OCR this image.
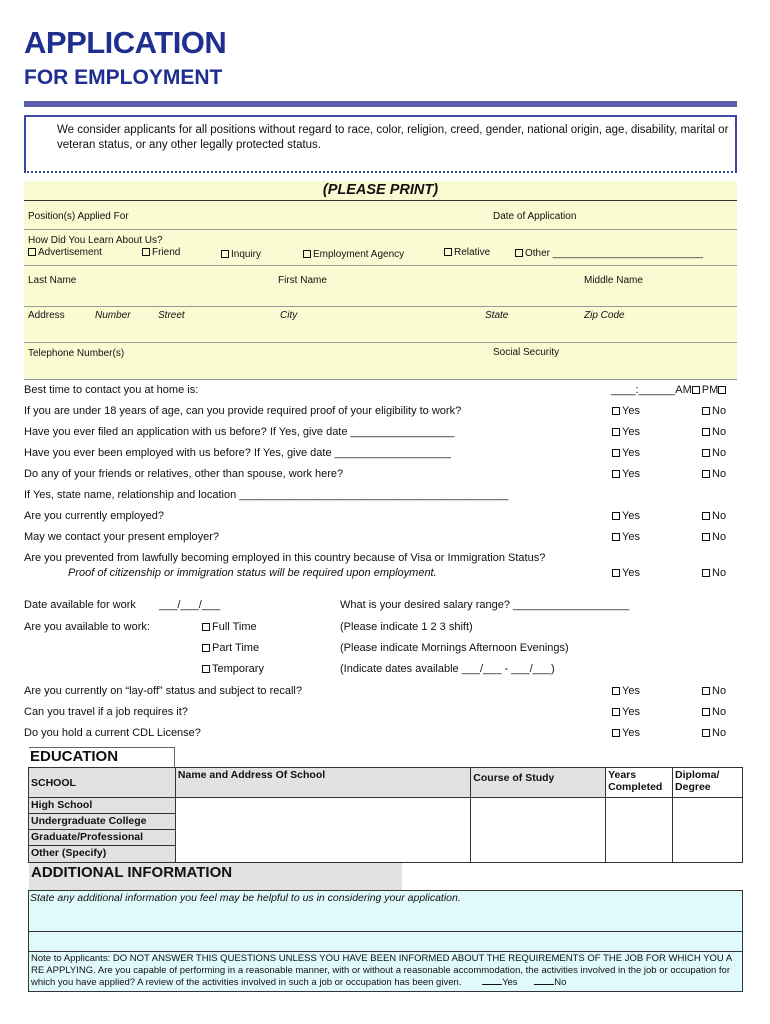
APPLICATION
FOR EMPLOYMENT
We consider applicants for all positions without regard to race, color, religion, creed, gender, national origin, age, disability, marital or veteran status, or any other legally protected status.
(PLEASE PRINT)
Position(s) Applied For	Date of Application
How Did You Learn About Us?
Advertisement	Friend	Inquiry	Employment Agency	Relative	Other ___________________________
Last Name	First Name	Middle Name
Address	Number	Street	City	State	Zip Code
Telephone Number(s)	Social Security
Best time to contact you at home is:	____:______AM PM
If you are under 18 years of age, can you provide required proof of your eligibility to work?	Yes	No
Have you ever filed an application with us before? If Yes, give date _________________	Yes	No
Have you ever been employed with us before? If Yes, give date ___________________	Yes	No
Do any of your friends or relatives, other than spouse, work here?	Yes	No
If Yes, state name, relationship and location ____________________________________________
Are you currently employed?	Yes	No
May we contact your present employer?	Yes	No
Are you prevented from lawfully becoming employed in this country because of Visa or Immigration Status?
Proof of citizenship or immigration status will be required upon employment.	Yes	No
Date available for work ___/___/___	What is your desired salary range? ___________________
Are you available to work:	Full Time	(Please indicate 1 2 3 shift)
Part Time	(Please indicate Mornings Afternoon Evenings)
Temporary	(Indicate dates available ___/___ - ___/___)
Are you currently on “lay-off” status and subject to recall?	Yes	No
Can you travel if a job requires it?	Yes	No
Do you hold a current CDL License?	Yes	No
EDUCATION
SCHOOL	Name and Address Of School	Course of Study	Years Completed	Diploma/ Degree
High School				
Undergraduate College				
Graduate/Professional				
Other (Specify)				
ADDITIONAL INFORMATION
State any additional information you feel may be helpful to us in considering your application.
Note to Applicants: DO NOT ANSWER THIS QUESTIONS UNLESS YOU HAVE BEEN INFORMED ABOUT THE REQUIREMENTS OF THE JOB FOR WHICH YOU A RE APPLYING. Are you capable of performing in a reasonable manner, with or without a reasonable accommodation, the activities involved in the job or occupation for which you have applied? A review of the activities involved in such a job or occupation has been given.	Yes	No
